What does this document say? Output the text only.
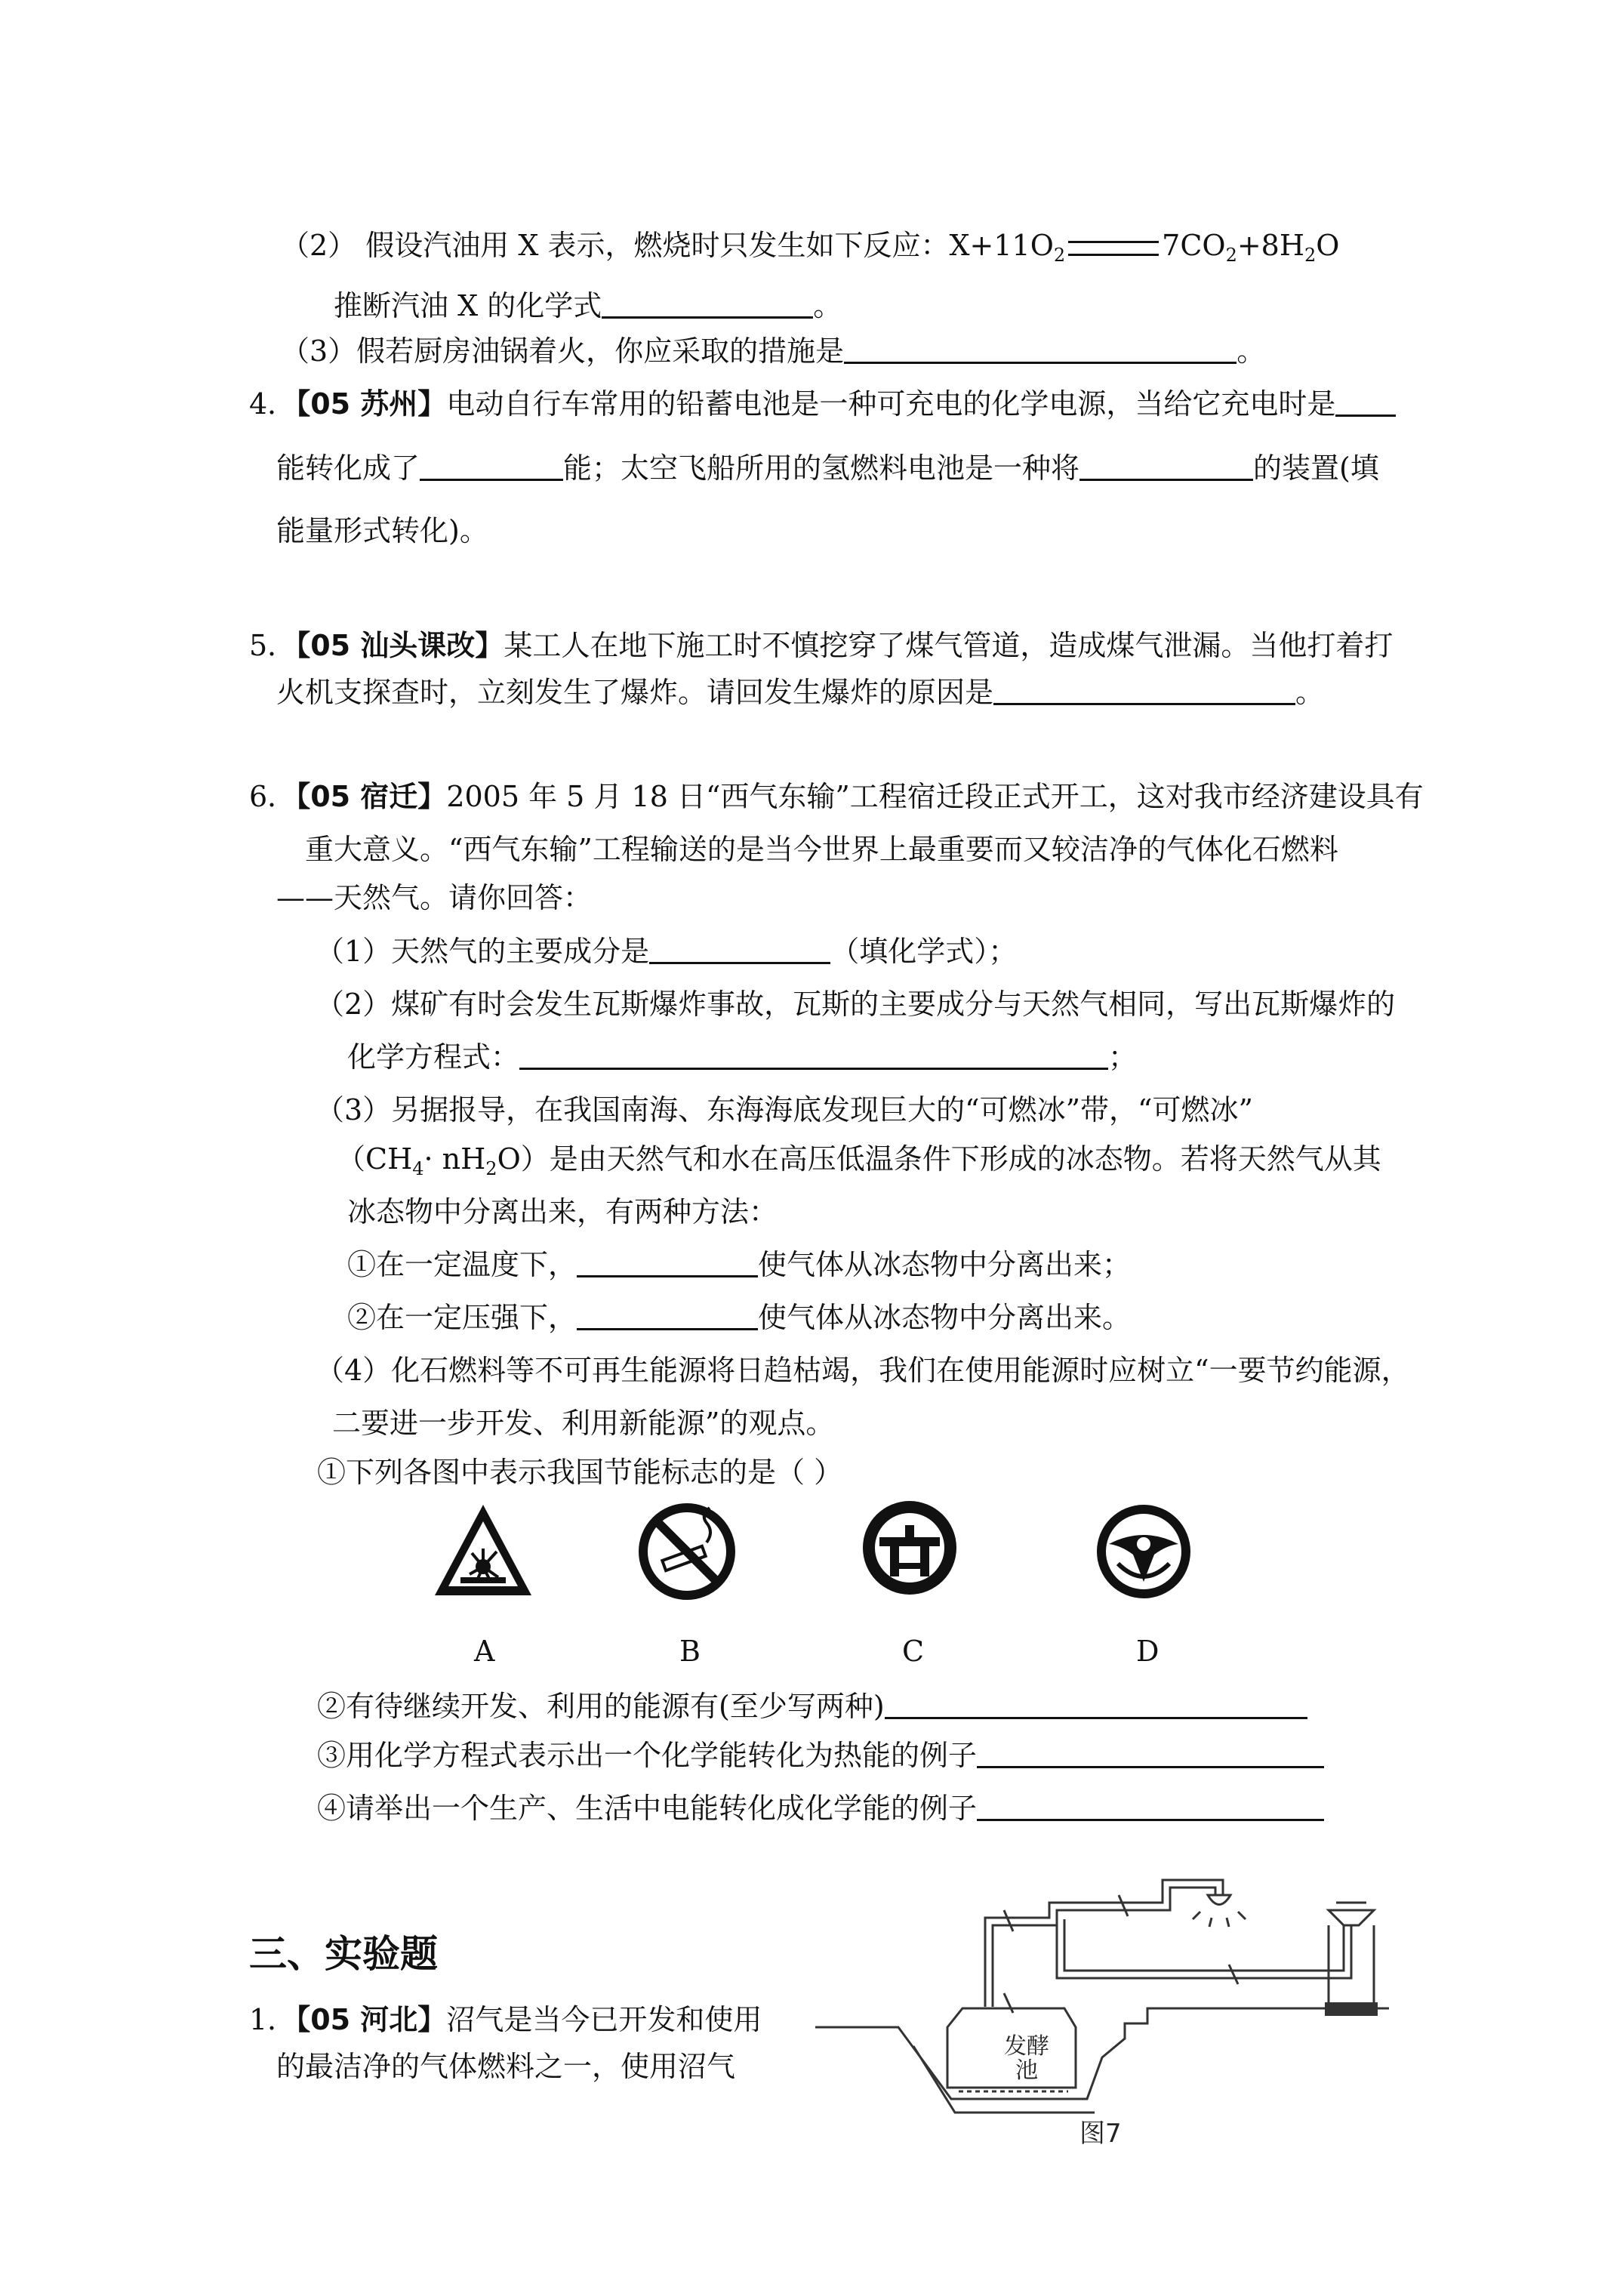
（2） 假设汽油用 X 表示，燃烧时只发生如下反应：$X+11O_2$	$7CO_2+8H_2O$
推断汽油 X 的化学式	。
（3）假若厨房油锅着火，你应采取的措施是	。
4．【05 苏州】电动自行车常用的铅蓄电池是一种可充电的化学电源，当给它充电时是
能转化成了	能；太空飞船所用的氢燃料电池是一种将	的装置(填
能量形式转化)。
5．【05 汕头课改】某工人在地下施工时不慎挖穿了煤气管道，造成煤气泄漏。当他打着打
火机支探查时，立刻发生了爆炸。请回发生爆炸的原因是	。
6．【05 宿迁】2005 年 5 月 18 日“西气东输”工程宿迁段正式开工，这对我市经济建设具有
重大意义。“西气东输”工程输送的是当今世界上最重要而又较洁净的气体化石燃料
——天然气。请你回答：
（1）天然气的主要成分是	（填化学式）；
（2）煤矿有时会发生瓦斯爆炸事故，瓦斯的主要成分与天然气相同，写出瓦斯爆炸的
化学方程式：	；
（3）另据报导，在我国南海、东海海底发现巨大的“可燃冰”带，“可燃冰”
$(CH_4\cdot nH_2O)$是由天然气和水在高压低温条件下形成的冰态物。若将天然气从其
冰态物中分离出来，有两种方法：
①在一定温度下，	使气体从冰态物中分离出来；
②在一定压强下，	使气体从冰态物中分离出来。
（4）化石燃料等不可再生能源将日趋枯竭，我们在使用能源时应树立“一要节约能源，
二要进一步开发、利用新能源”的观点。
①下列各图中表示我国节能标志的是（ ）
A	B	C	D
②有待继续开发、利用的能源有(至少写两种)
③用化学方程式表示出一个化学能转化为热能的例子
④请举出一个生产、生活中电能转化成化学能的例子
三、实验题
1．【05 河北】沼气是当今已开发和使用
的最洁净的气体燃料之一，使用沼气
发酵
池
图7
